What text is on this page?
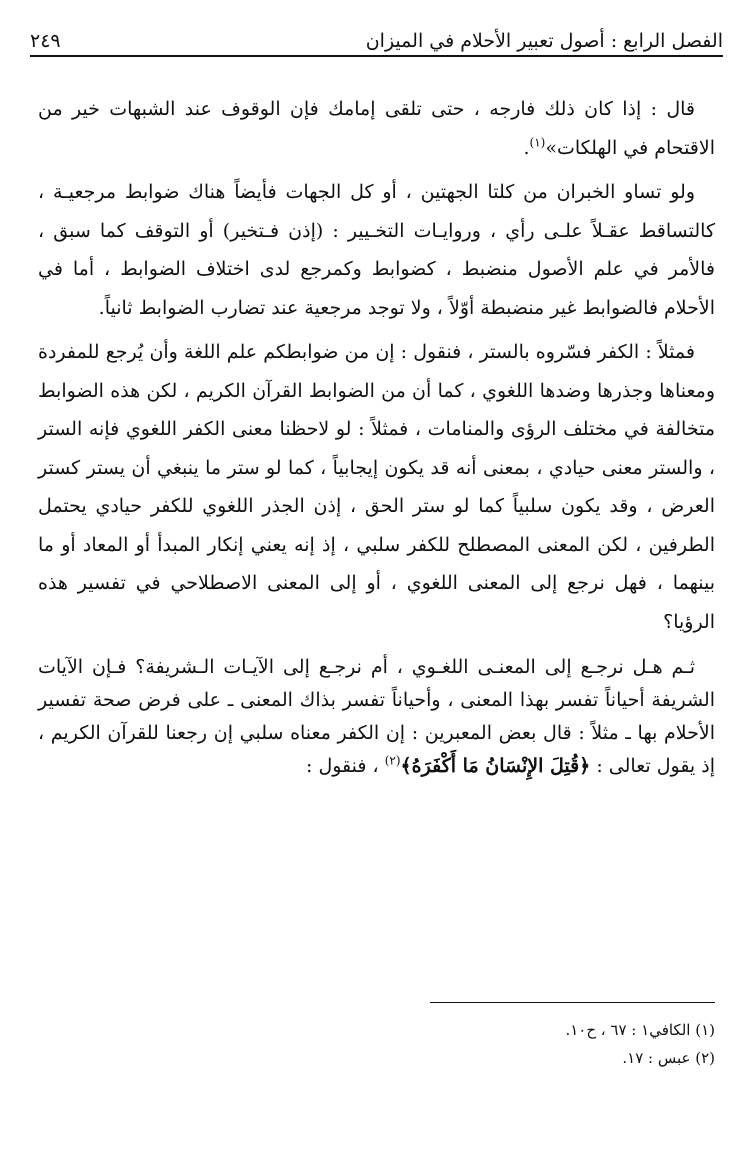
الفصل الرابع : أصول تعبير الأحلام في الميزان
٢٤٩

قال : إذا كان ذلك فارجه ، حتى تلقى إمامك فإن الوقوف عند الشبهات خير من الاقتحام في الهلكات»$^{(١)}$.

ولو تساو الخبران من كلتا الجهتين ، أو كل الجهات فأيضاً هناك ضوابط مرجعيـة ، كالتساقط عقـلاً علـى رأي ، وروايـات التخـيير : (إذن فـتخير) أو التوقف كما سبق ، فالأمر في علم الأصول منضبط ، كضوابط وكمرجع لدى اختلاف الضوابط ، أما في الأحلام فالضوابط غير منضبطة أوّلاً ، ولا توجد مرجعية عند تضارب الضوابط ثانياً.

فمثلاً : الكفر فسّروه بالستر ، فنقول : إن من ضوابطكم علم اللغة وأن يُرجع للمفردة ومعناها وجذرها وضدها اللغوي ، كما أن من الضوابط القرآن الكريم ، لكن هذه الضوابط متخالفة في مختلف الرؤى والمنامات ، فمثلاً : لو لاحظنا معنى الكفر اللغوي فإنه الستر ، والستر معنى حيادي ، بمعنى أنه قد يكون إيجابياً ، كما لو ستر ما ينبغي أن يستر كستر العرض ، وقد يكون سلبياً كما لو ستر الحق ، إذن الجذر اللغوي للكفر حيادي يحتمل الطرفين ، لكن المعنى المصطلح للكفر سلبي ، إذ إنه يعني إنكار المبدأ أو المعاد أو ما بينهما ، فهل نرجع إلى المعنى اللغوي ، أو إلى المعنى الاصطلاحي في تفسير هذه الرؤيا؟

ثـم هـل نرجـع إلى المعنـى اللغـوي ، أم نرجـع إلى الآيـات الـشريفة؟ فـإن الآيات الشريفة أحياناً تفسر بهذا المعنى ، وأحياناً تفسر بذاك المعنى ـ على فرض صحة تفسير الأحلام بها ـ مثلاً : قال بعض المعبرين : إن الكفر معناه سلبي إن رجعنا للقرآن الكريم ، إذ يقول تعالى : ﴿قُتِلَ الإِنْسَانُ مَا أَكْفَرَهُ﴾$^{(٢)}$ ، فنقول :

(١) الكافي١ : ٦٧ ، ح١٠.
(٢) عبس : ١٧.
